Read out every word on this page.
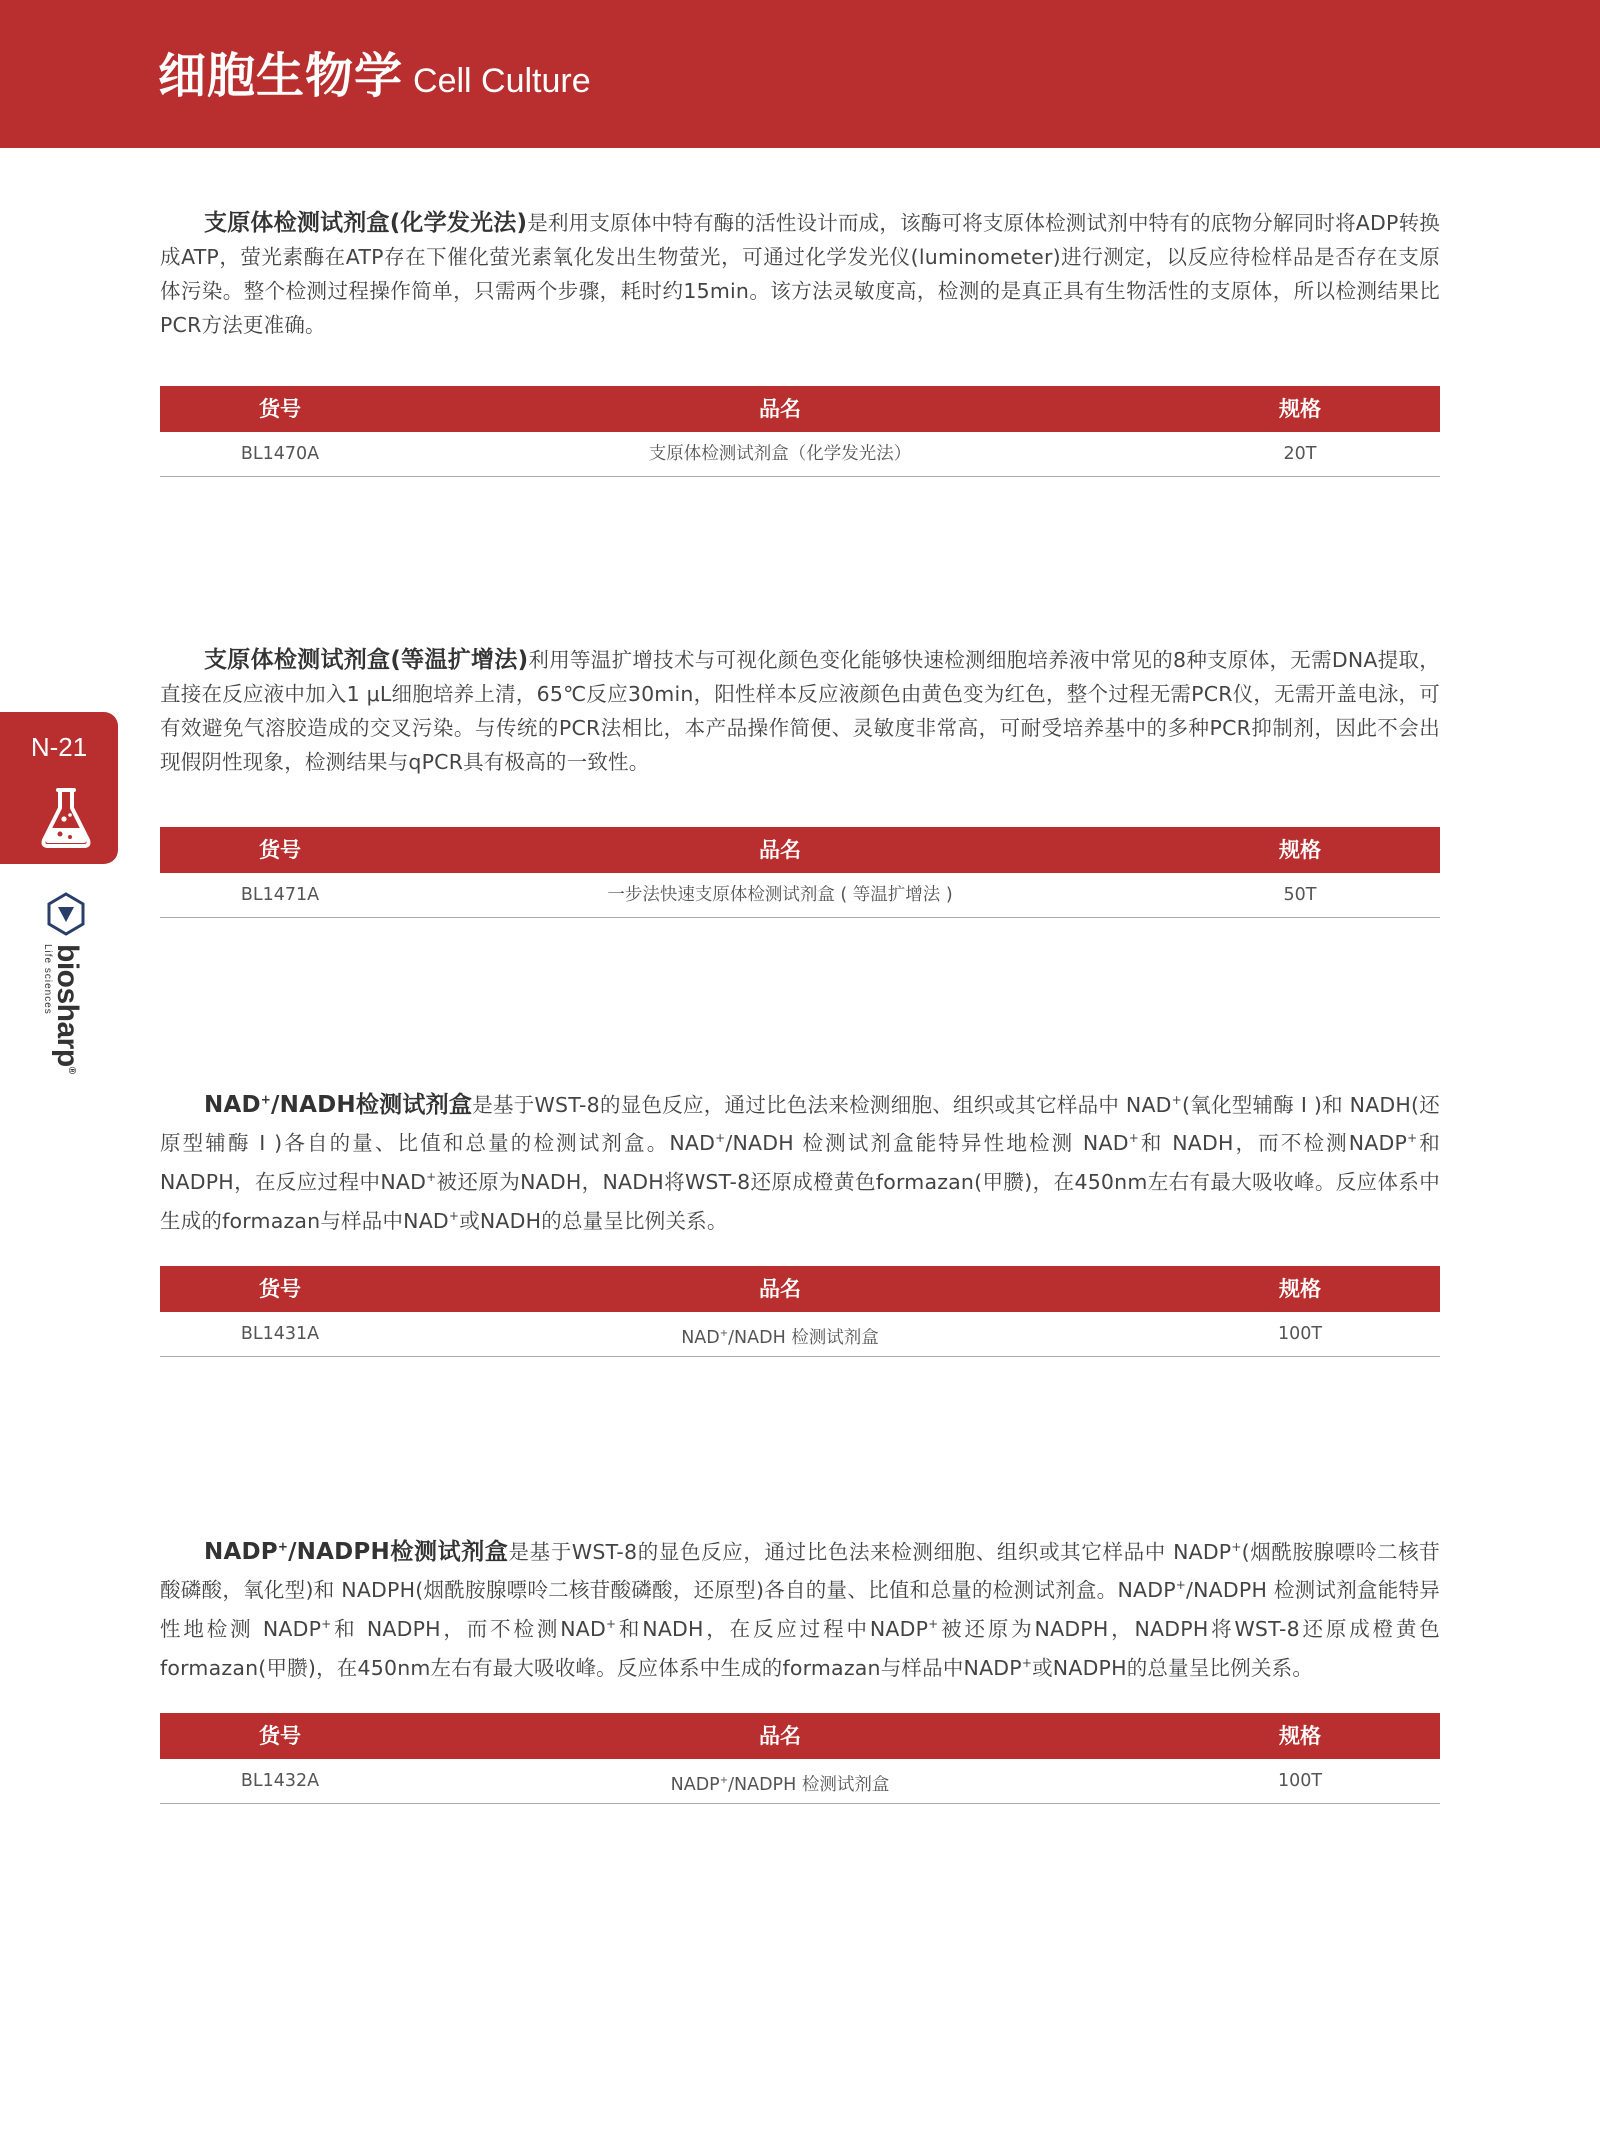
细胞生物学 Cell Culture
N-21
biosharp®
Life sciences

支原体检测试剂盒(化学发光法)是利用支原体中特有酶的活性设计而成，该酶可将支原体检测试剂中特有的底物分解同时将ADP转换成ATP，萤光素酶在ATP存在下催化萤光素氧化发出生物萤光，可通过化学发光仪(luminometer)进行测定，以反应待检样品是否存在支原体污染。整个检测过程操作简单，只需两个步骤，耗时约15min。该方法灵敏度高，检测的是真正具有生物活性的支原体，所以检测结果比PCR方法更准确。

货号	品名	规格
BL1470A	支原体检测试剂盒（化学发光法）	20T

支原体检测试剂盒(等温扩增法)利用等温扩增技术与可视化颜色变化能够快速检测细胞培养液中常见的8种支原体，无需DNA提取，直接在反应液中加入1 μL细胞培养上清，65℃反应30min，阳性样本反应液颜色由黄色变为红色，整个过程无需PCR仪，无需开盖电泳，可有效避免气溶胶造成的交叉污染。与传统的PCR法相比，本产品操作简便、灵敏度非常高，可耐受培养基中的多种PCR抑制剂，因此不会出现假阴性现象，检测结果与qPCR具有极高的一致性。

货号	品名	规格
BL1471A	一步法快速支原体检测试剂盒 ( 等温扩增法 )	50T

NAD+/NADH检测试剂盒是基于WST-8的显色反应，通过比色法来检测细胞、组织或其它样品中 NAD+(氧化型辅酶 I )和 NADH(还原型辅酶 I )各自的量、比值和总量的检测试剂盒。NAD+/NADH 检测试剂盒能特异性地检测 NAD+和 NADH，而不检测NADP+和NADPH，在反应过程中NAD+被还原为NADH，NADH将WST-8还原成橙黄色formazan(甲臜)，在450nm左右有最大吸收峰。反应体系中生成的formazan与样品中NAD+或NADH的总量呈比例关系。

货号	品名	规格
BL1431A	NAD+/NADH 检测试剂盒	100T

NADP+/NADPH检测试剂盒是基于WST-8的显色反应，通过比色法来检测细胞、组织或其它样品中 NADP+(烟酰胺腺嘌呤二核苷酸磷酸，氧化型)和 NADPH(烟酰胺腺嘌呤二核苷酸磷酸，还原型)各自的量、比值和总量的检测试剂盒。NADP+/NADPH 检测试剂盒能特异性地检测 NADP+和 NADPH，而不检测NAD+和NADH，在反应过程中NADP+被还原为NADPH，NADPH将WST-8还原成橙黄色formazan(甲臜)，在450nm左右有最大吸收峰。反应体系中生成的formazan与样品中NADP+或NADPH的总量呈比例关系。

货号	品名	规格
BL1432A	NADP+/NADPH 检测试剂盒	100T
